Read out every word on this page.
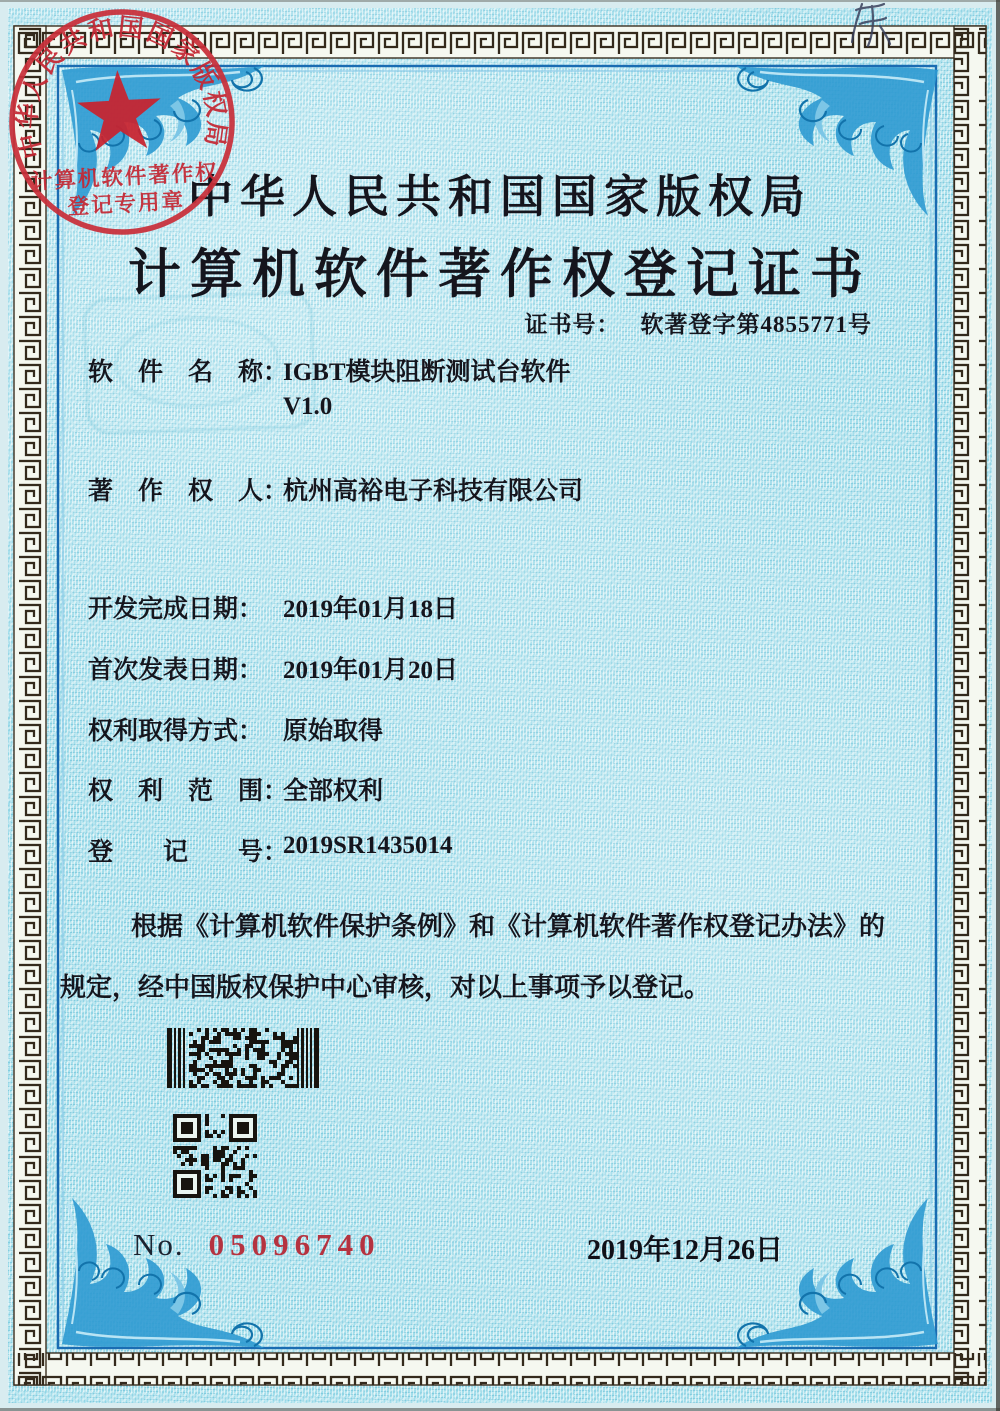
中华人民共和国国家版权局
计算机软件著作权登记证书
证书号： 软著登字第4855771号
软　件　名　称：
IGBT模块阻断测试台软件
V1.0
著　作　权　人：
杭州高裕电子科技有限公司
开发完成日期： 2019年01月18日
首次发表日期： 2019年01月20日
权利取得方式： 原始取得
权　利　范　围：
全部权利
登　　记　　号：
2019SR1435014
根据《计算机软件保护条例》和《计算机软件著作权登记办法》的
规定，经中国版权保护中心审核，对以上事项予以登记。
No. 05096740
中华人民共和国国家版权局
计算机软件著作权
登记专用章
2019年12月26日
